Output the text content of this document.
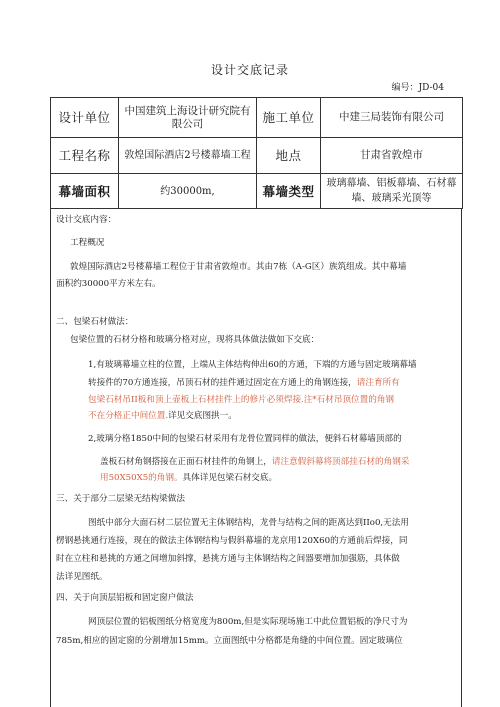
设计交底记录
编号：JD-04
设计单位	中国建筑上海设计研究院有限公司	施工单位	中建三局装饰有限公司
工程名称	敦煌国际酒店2号楼幕墙工程	地点	甘肃省敦煌市
幕墙面积	约30000m,	幕墙类型	玻璃幕墙、铝板幕墙、石材幕墙、玻璃采光顶等
设计交底内容：
工程概况
敦煌国际酒店2号楼幕墙工程位于甘肃省敦煌市。其由7栋（A-G区）族筑组成。其中幕墙
面积约30000平方米左右。
二、包梁石材做法：
包梁位置的石材分格和玻璃分格对应，现将具体做法做如下交底：
1,有玻璃幕墙立柱的位置，上端从主体结构伸出60的方通，下端的方通与固定玻璃幕墙
转接件的70方通连接，吊顶石材的挂件通过固定在方通上的角钢连接，请注育所有
包梁石材吊II板和顶上壶板上石材挂件上的修片必须焊接.注*石材吊顶位置的角钢
不在分格正中间位置.详见交底图拱一。
2,玻璃分格1850中间的包梁石材采用有龙骨位置同样的做法，便斜石材幕墙顶部的
盖板石材角钢搭接在正面石材挂件的角钢上，请注意假斜幕将顶部挂石材的角钢采
用50X50X5的角钢。具体详见包梁石材交底。
三、关于部分二层梁无结构梁做法
图纸中部分大面石材二层位置无主体钢结构，龙骨与结构之间的距离达到IIo0,无法用
楞钢悬挑通行连接，现在的做法主体钢结构与假斜幕墙的龙京用120X60的方通前后焊接，同
时在立柱和悬挑的方通之间增加斜撑，悬挑方通与主体钢结构之间器要增加加强筋，具体做
法详见图纸。
四、关于向顶层铝板和固定窗户做法
网顶层位置的铝板图纸分格宽度为800m,但是实际现场施工中此位置铝板的净尺寸为
785m,相应的固定窗的分割增加15mm。立面图纸中分格都是角缝的中间位置。固定玻璃位
